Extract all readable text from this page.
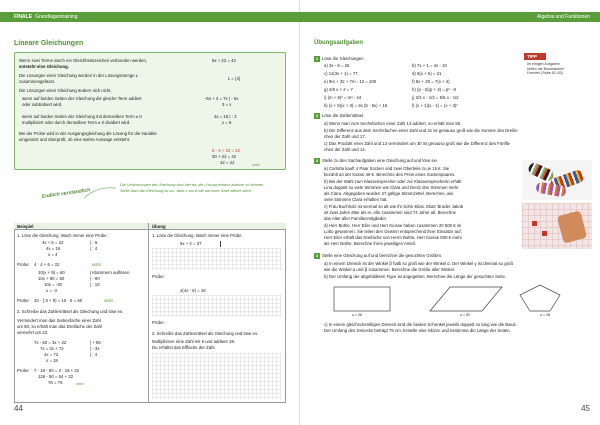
FINALE Grundlagentraining
Lineare Gleichungen
Wenn zwei Terme durch ein Gleichheitszeichen verbunden werden,
entsteht eine Gleichung.
Die Lösungen einer Gleichung werden in der Lösungsmenge L
zusammengefasst.
Die Lösungen einer Gleichung ändern sich nicht,
wenn auf beiden Seiten der Gleichung die gleiche Term addiert
oder subtrahiert wird.
wenn auf beiden Seiten der Gleichung mit demselben Term ≠ 0
multipliziert oder durch denselben Term ≠ 0 dividiert wird.
Bei der Probe wird in der Ausgangsgleichung die Lösung für die Variable
eingesetzt und überprüft, ob eine wahre Aussage entsteht.
5x + 22 = 42
L = {4}
-6x + 3 = 7x | - 6x
3 = x
3x = 18 | : 3
x = 6
5 · 4 + 22 = 42
20 + 22 = 42
42 = 42	wahr
Endlich verständlich
Die Umformungen der Gleichung sind hier da, die Lösung einfach ablesen zu können.
Stelle dazu die Gleichung so um, dass x am Ende auf einer Seite alleine steht.
Beispiel	Übung
1. Löse die Gleichung. Mach immer eine Probe.
4x + 6 = 22	| - 6
4x = 16	| : 4
x = 4
Probe: 4 · 4 + 6 = 22	wahr
10(x + 9) = 60	| Klammern auflösen
10x + 90 = 60	| - 90
10x = -30	| : 10
x = -3
Probe: 10 · (-3 + 9) = 10 · 6 = 60	wahr
2. Schreibe das Zahlenrätsel als Gleichung und löse es.
Vermindert man das Siebenfache einer Zahl
um 50, so erhält man das Dreifache der Zahl
vermehrt um 22.
7x - 50 = 3x + 22	| + 50
7x = 3x + 72	| - 3x
4x = 72	| : 4
x = 18
Probe: 7 · 18 - 50 = 3 · 18 + 22
126 - 50 = 54 + 22
76 = 76	wahr
1. Löse die Gleichung. Mach immer eine Probe.
5x + 2 = 37
Probe:
4(4x - 6) = 16
Probe:
2. Schreibe das Zahlenrätsel als Gleichung und löse es.
Multipliziere eine Zahl mit 9 und addiere 28.
Du erhältst das Elffache der Zahl.
44
Übungsaufgaben
TIPP
Im einigen Aufgaben
helfen die Binomischen
Formeln (Seite 82–83).
1 Löse die Gleichungen.
a) 3x - 8 = 25	b) 7x + 1 = 4x - 10
c) 11(3x + 1) = 77	d) 5(x + 6) = 21
e) 9m + 32 + 7m - 12 = 100	f) 8x + 20 = 7(x + 4)
g) 4/5 x + 2 = 7	h) (p - 2)(p + 3) = p² - 8
i) (m + 6)² = m² - 24	j) 2/3 x - 1/3 = 5/6 x - 1/2
k) (x + 5)(x + 3) = 3x (5 - 5x) + 16	l) (x + 1)(x - 1) = (x + 3)²
2 Löse die Zahlenrätsel.
a) Wenn man zum Sechsfachen einer Zahl 13 addiert, so erhält man 55.
b) Die Differenz aus dem Sechsfachen einer Zahl und 31 ist genauso groß wie die Summe des Dreifa-
chen der Zahl und 17.
c) Das Produkt einer Zahl und 13 vermindert um 30 ist genauso groß wie die Differenz des Fünffa-
chen der Zahl und 14.
3 Stelle zu den Sachaufgaben eine Gleichung auf und löse sie.
a) Carlotta kauft 4 Paar Socken und zwei Oberteile zu je 15 €. Sie
bezahlt an der Kasse 46 €. Berechne den Preis eines Sockenpaares.
b) Bei der Wahl zum Klassensprecher oder zur Klassensprecherin erhält
Lina doppelt so viele Stimmen wie Clara und Deniz drei Stimmen mehr
als Clara. Abgegeben wurden 27 gültige Stimmzettel. Berechne, wie
viele Stimmen Clara erhalten hat.
c) Frau Buchholz ist viermal so alt wie ihr Sohn Elias. Elias' Bruder Jakob
ist zwei Jahre älter als er. Alle zusammen sind 74 Jahre alt. Berechne
das Alter aller Familienmitglieder.
d) Herr Bothe, Herr Eiler und Herr Kiosse haben zusammen 20 500 € im
Lotto gewonnen. Sie teilen den Gewinn entsprechend ihrer Einsätze auf.
Herr Eiler erhält das Dreifache von Herrn Bothe, Herr Kiosse 500 € mehr
als Herr Bothe. Berechne ihren jeweiligen Anteil.
4 Stelle eine Gleichung auf und berechne die gesuchten Größen.
a) In einem Dreieck ist der Winkel β halb so groß wie der Winkel α. Der Winkel γ ist dreimal so groß
wie die Winkel α und β zusammen. Berechne die Größe aller Winkel.
b) Der Umfang der abgebildeten Figur ist angegeben. Berechne die Länge der gesuchten Seite.
u = 26	u = 52	u = 28
c) In einem gleichschenkligen Dreieck sind die beiden Schenkel jeweils doppelt so lang wie die Basis.
Der Umfang des Dreiecks beträgt 75 cm. Erstelle eine Skizze und bestimme die Länge der Seiten.
45
Algebra und Funktionen
